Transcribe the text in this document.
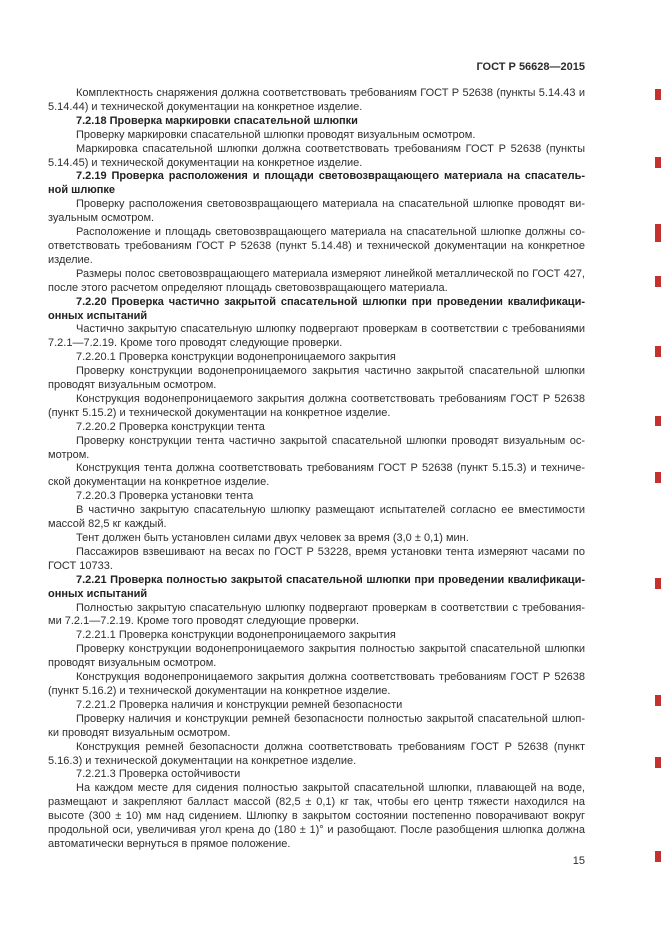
ГОСТ Р 56628—2015
Комплектность снаряжения должна соответствовать требованиям ГОСТ Р 52638 (пункты 5.14.43 и
5.14.44) и технической документации на конкретное изделие.
7.2.18 Проверка маркировки спасательной шлюпки
Проверку маркировки спасательной шлюпки проводят визуальным осмотром.
Маркировка спасательной шлюпки должна соответствовать требованиям ГОСТ Р 52638 (пункты
5.14.45) и технической документации на конкретное изделие.
7.2.19 Проверка расположения и площади световозвращающего материала на спасатель-
ной шлюпке
Проверку расположения световозвращающего материала на спасательной шлюпке проводят ви-
зуальным осмотром.
Расположение и площадь световозвращающего материала на спасательной шлюпке должны со-
ответствовать требованиям ГОСТ Р 52638 (пункт 5.14.48) и технической документации на конкретное
изделие.
Размеры полос световозвращающего материала измеряют линейкой металлической по ГОСТ 427,
после этого расчетом определяют площадь световозвращающего материала.
7.2.20 Проверка частично закрытой спасательной шлюпки при проведении квалификаци-
онных испытаний
Частично закрытую спасательную шлюпку подвергают проверкам в соответствии с требованиями
7.2.1—7.2.19. Кроме того проводят следующие проверки.
7.2.20.1 Проверка конструкции водонепроницаемого закрытия
Проверку конструкции водонепроницаемого закрытия частично закрытой спасательной шлюпки
проводят визуальным осмотром.
Конструкция водонепроницаемого закрытия должна соответствовать требованиям ГОСТ Р 52638
(пункт 5.15.2) и технической документации на конкретное изделие.
7.2.20.2 Проверка конструкции тента
Проверку конструкции тента частично закрытой спасательной шлюпки проводят визуальным ос-
мотром.
Конструкция тента должна соответствовать требованиям ГОСТ Р 52638 (пункт 5.15.3) и техниче-
ской документации на конкретное изделие.
7.2.20.3 Проверка установки тента
В частично закрытую спасательную шлюпку размещают испытателей согласно ее вместимости
массой 82,5 кг каждый.
Тент должен быть установлен силами двух человек за время (3,0 ± 0,1) мин.
Пассажиров взвешивают на весах по ГОСТ Р 53228, время установки тента измеряют часами по
ГОСТ 10733.
7.2.21 Проверка полностью закрытой спасательной шлюпки при проведении квалификаци-
онных испытаний
Полностью закрытую спасательную шлюпку подвергают проверкам в соответствии с требования-
ми 7.2.1—7.2.19. Кроме того проводят следующие проверки.
7.2.21.1 Проверка конструкции водонепроницаемого закрытия
Проверку конструкции водонепроницаемого закрытия полностью закрытой спасательной шлюпки
проводят визуальным осмотром.
Конструкция водонепроницаемого закрытия должна соответствовать требованиям ГОСТ Р 52638
(пункт 5.16.2) и технической документации на конкретное изделие.
7.2.21.2 Проверка наличия и конструкции ремней безопасности
Проверку наличия и конструкции ремней безопасности полностью закрытой спасательной шлюп-
ки проводят визуальным осмотром.
Конструкция ремней безопасности должна соответствовать требованиям ГОСТ Р 52638 (пункт
5.16.3) и технической документации на конкретное изделие.
7.2.21.3 Проверка остойчивости
На каждом месте для сидения полностью закрытой спасательной шлюпки, плавающей на воде,
размещают и закрепляют балласт массой (82,5 ± 0,1) кг так, чтобы его центр тяжести находился на
высоте (300 ± 10) мм над сидением. Шлюпку в закрытом состоянии постепенно поворачивают вокруг
продольной оси, увеличивая угол крена до (180 ± 1)° и разобщают. После разобщения шлюпка должна
автоматически вернуться в прямое положение.
15
